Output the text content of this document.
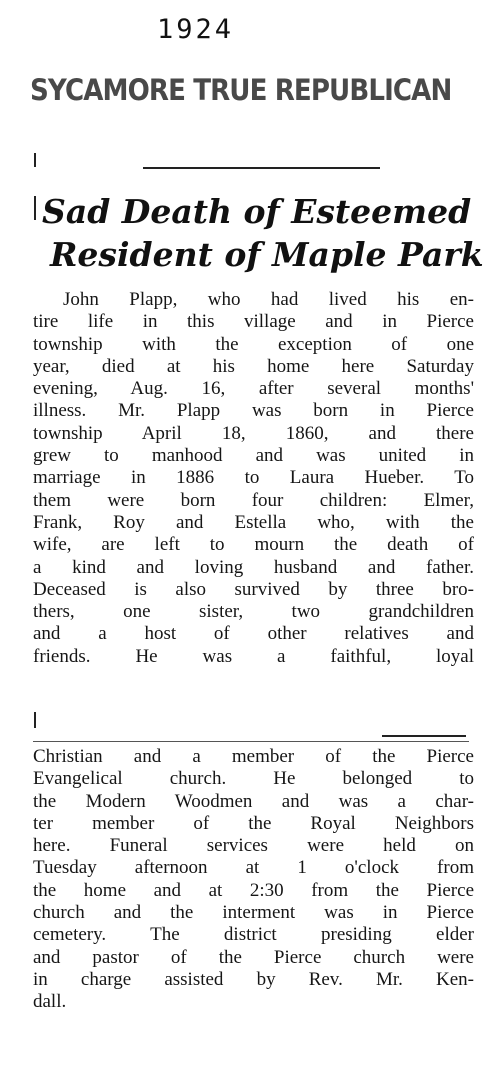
1924
SYCAMORE TRUE REPUBLICAN
Sad Death of Esteemed
Resident of Maple Park
John Plapp, who had lived his en-
tire life in this village and in Pierce
township with the exception of one
year, died at his home here Saturday
evening, Aug. 16, after several months'
illness. Mr. Plapp was born in Pierce
township April 18, 1860, and there
grew to manhood and was united in
marriage in 1886 to Laura Hueber. To
them were born four children: Elmer,
Frank, Roy and Estella who, with the
wife, are left to mourn the death of
a kind and loving husband and father.
Deceased is also survived by three bro-
thers, one sister, two grandchildren
and a host of other relatives and
friends. He was a faithful, loyal
Christian and a member of the Pierce
Evangelical church. He belonged to
the Modern Woodmen and was a char-
ter member of the Royal Neighbors
here. Funeral services were held on
Tuesday afternoon at 1 o'clock from
the home and at 2:30 from the Pierce
church and the interment was in Pierce
cemetery. The district presiding elder
and pastor of the Pierce church were
in charge assisted by Rev. Mr. Ken-
dall.
